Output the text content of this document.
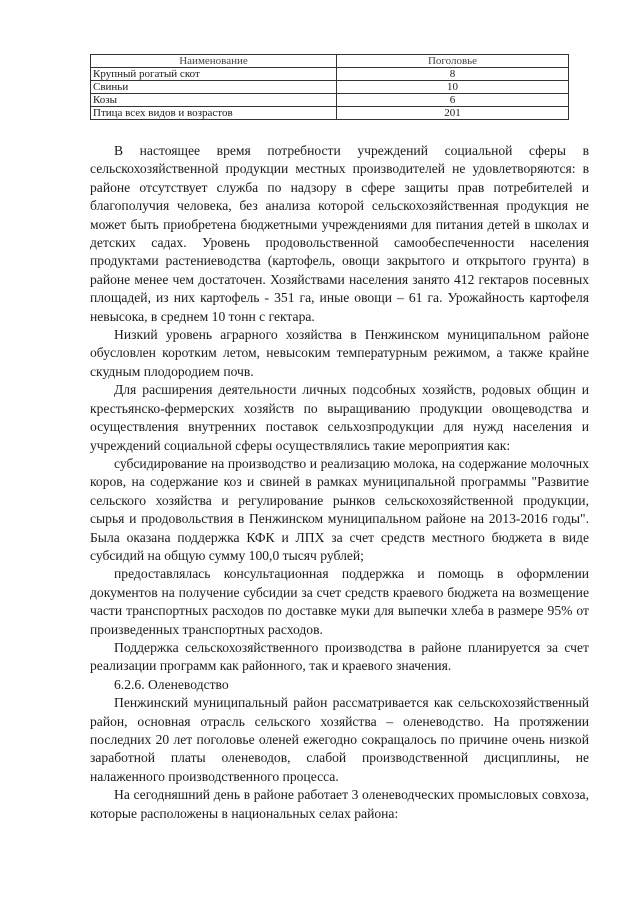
Наименование	Поголовье
Крупный рогатый скот	8
Свиньи	10
Козы	6
Птица всех видов и возрастов	201

В настоящее время потребности учреждений социальной сферы в сельскохозяйственной продукции местных производителей не удовлетворяются: в районе отсутствует служба по надзору в сфере защиты прав потребителей и благополучия человека, без анализа которой сельскохозяйственная продукция не может быть приобретена бюджетными учреждениями для питания детей в школах и детских садах. Уровень продовольственной самообеспеченности населения продуктами растениеводства (картофель, овощи закрытого и открытого грунта) в районе менее чем достаточен. Хозяйствами населения занято 412 гектаров посевных площадей, из них картофель - 351 га, иные овощи – 61 га. Урожайность картофеля невысока, в среднем 10 тонн с гектара.

Низкий уровень аграрного хозяйства в Пенжинском муниципальном районе обусловлен коротким летом, невысоким температурным режимом, а также крайне скудным плодородием почв.

Для расширения деятельности личных подсобных хозяйств, родовых общин и крестьянско-фермерских хозяйств по выращиванию продукции овощеводства и осуществления внутренних поставок сельхозпродукции для нужд населения и учреждений социальной сферы осуществлялись такие мероприятия как:

субсидирование на производство и реализацию молока, на содержание молочных коров, на содержание коз и свиней в рамках муниципальной программы "Развитие сельского хозяйства и регулирование рынков сельскохозяйственной продукции, сырья и продовольствия в Пенжинском муниципальном районе на 2013-2016 годы". Была оказана поддержка КФК и ЛПХ за счет средств местного бюджета в виде субсидий на общую сумму 100,0 тысяч рублей;

предоставлялась консультационная поддержка и помощь в оформлении документов на получение субсидии за счет средств краевого бюджета на возмещение части транспортных расходов по доставке муки для выпечки хлеба в размере 95% от произведенных транспортных расходов.

Поддержка сельскохозяйственного производства в районе планируется за счет реализации программ как районного, так и краевого значения.

6.2.6. Оленеводство

Пенжинский муниципальный район рассматривается как сельскохозяйственный район, основная отрасль сельского хозяйства – оленеводство. На протяжении последних 20 лет поголовье оленей ежегодно сокращалось по причине очень низкой заработной платы оленеводов, слабой производственной дисциплины, не налаженного производственного процесса.

На сегодняшний день в районе работает 3 оленеводческих промысловых совхоза, которые расположены в национальных селах района:
